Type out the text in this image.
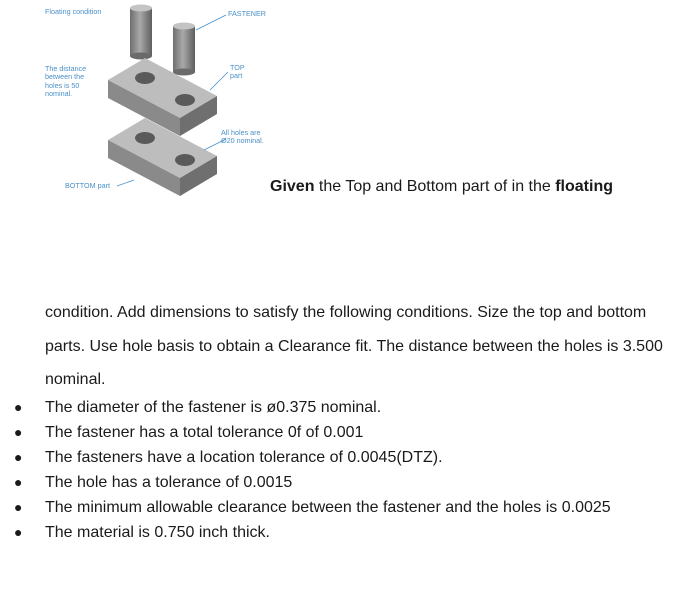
Floating condition	FASTENER
The distance
between the
holes is 50
nominal.
TOP
part
All holes are
Ø20 nominal.
BOTTOM part	Given the Top and Bottom part of in the floating
condition. Add dimensions to satisfy the following conditions. Size the top and bottom parts. Use hole basis to obtain a Clearance fit. The distance between the holes is 3.500 nominal.
● The diameter of the fastener is ø0.375 nominal.
● The fastener has a total tolerance 0f of 0.001
● The fasteners have a location tolerance of 0.0045(DTZ).
● The hole has a tolerance of 0.0015
● The minimum allowable clearance between the fastener and the holes is 0.0025
● The material is 0.750 inch thick.
